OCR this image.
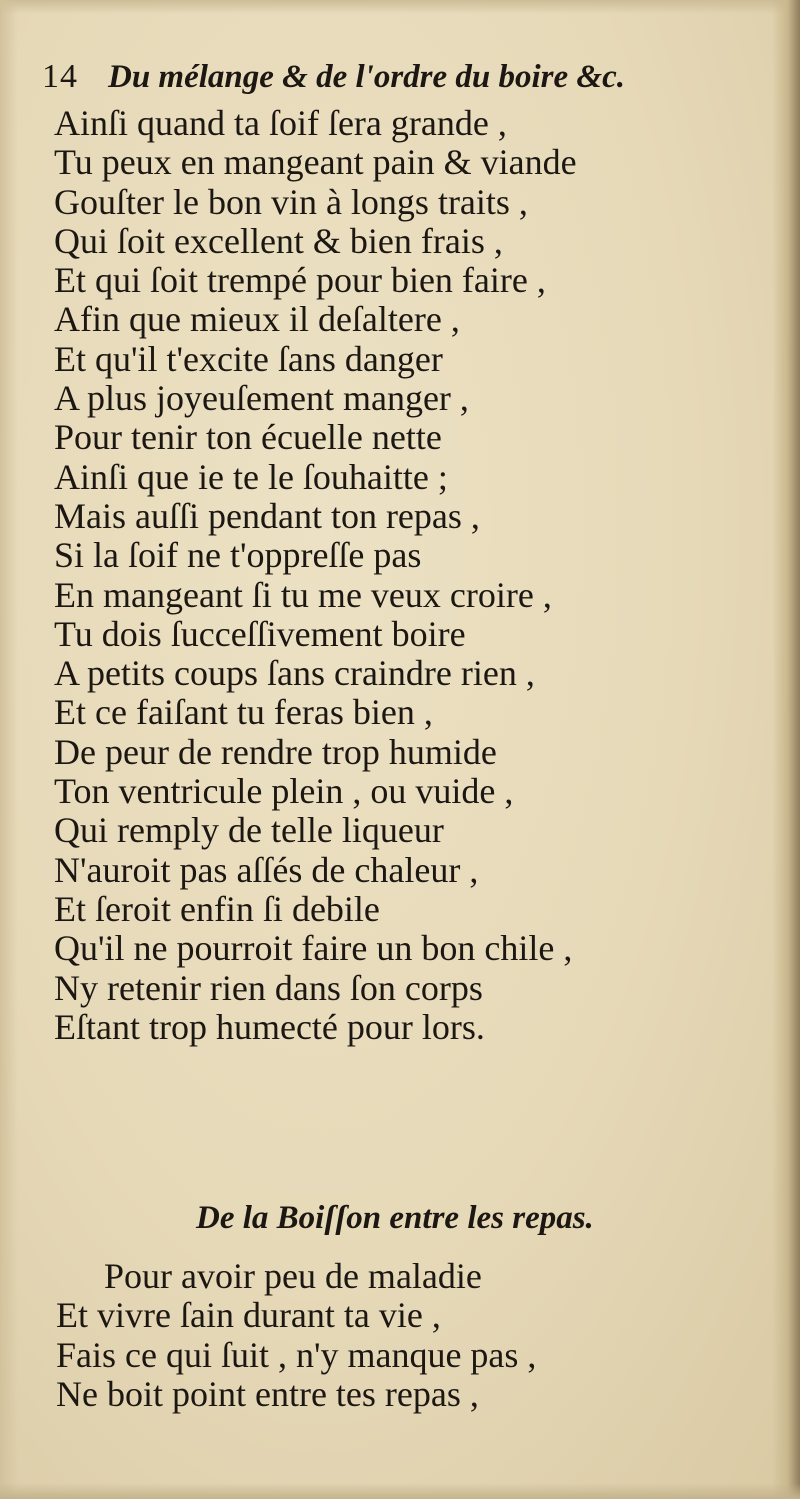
14 Du mélange & de l'ordre du boire &c.
Ainſi quand ta ſoif ſera grande ,
Tu peux en mangeant pain & viande
Gouſter le bon vin à longs traits ,
Qui ſoit excellent & bien frais ,
Et qui ſoit trempé pour bien faire ,
Afin que mieux il deſaltere ,
Et qu'il t'excite ſans danger
A plus joyeuſement manger ,
Pour tenir ton écuelle nette
Ainſi que ie te le ſouhaitte ;
Mais auſſi pendant ton repas ,
Si la ſoif ne t'oppreſſe pas
En mangeant ſi tu me veux croire ,
Tu dois ſucceſſivement boire
A petits coups ſans craindre rien ,
Et ce faiſant tu feras bien ,
De peur de rendre trop humide
Ton ventricule plein , ou vuide ,
Qui remply de telle liqueur
N'auroit pas aſſés de chaleur ,
Et ſeroit enfin ſi debile
Qu'il ne pourroit faire un bon chile ,
Ny retenir rien dans ſon corps
Eſtant trop humecté pour lors.
De la Boiſſon entre les repas.
Pour avoir peu de maladie
Et vivre ſain durant ta vie ,
Fais ce qui ſuit , n'y manque pas ,
Ne boit point entre tes repas ,
